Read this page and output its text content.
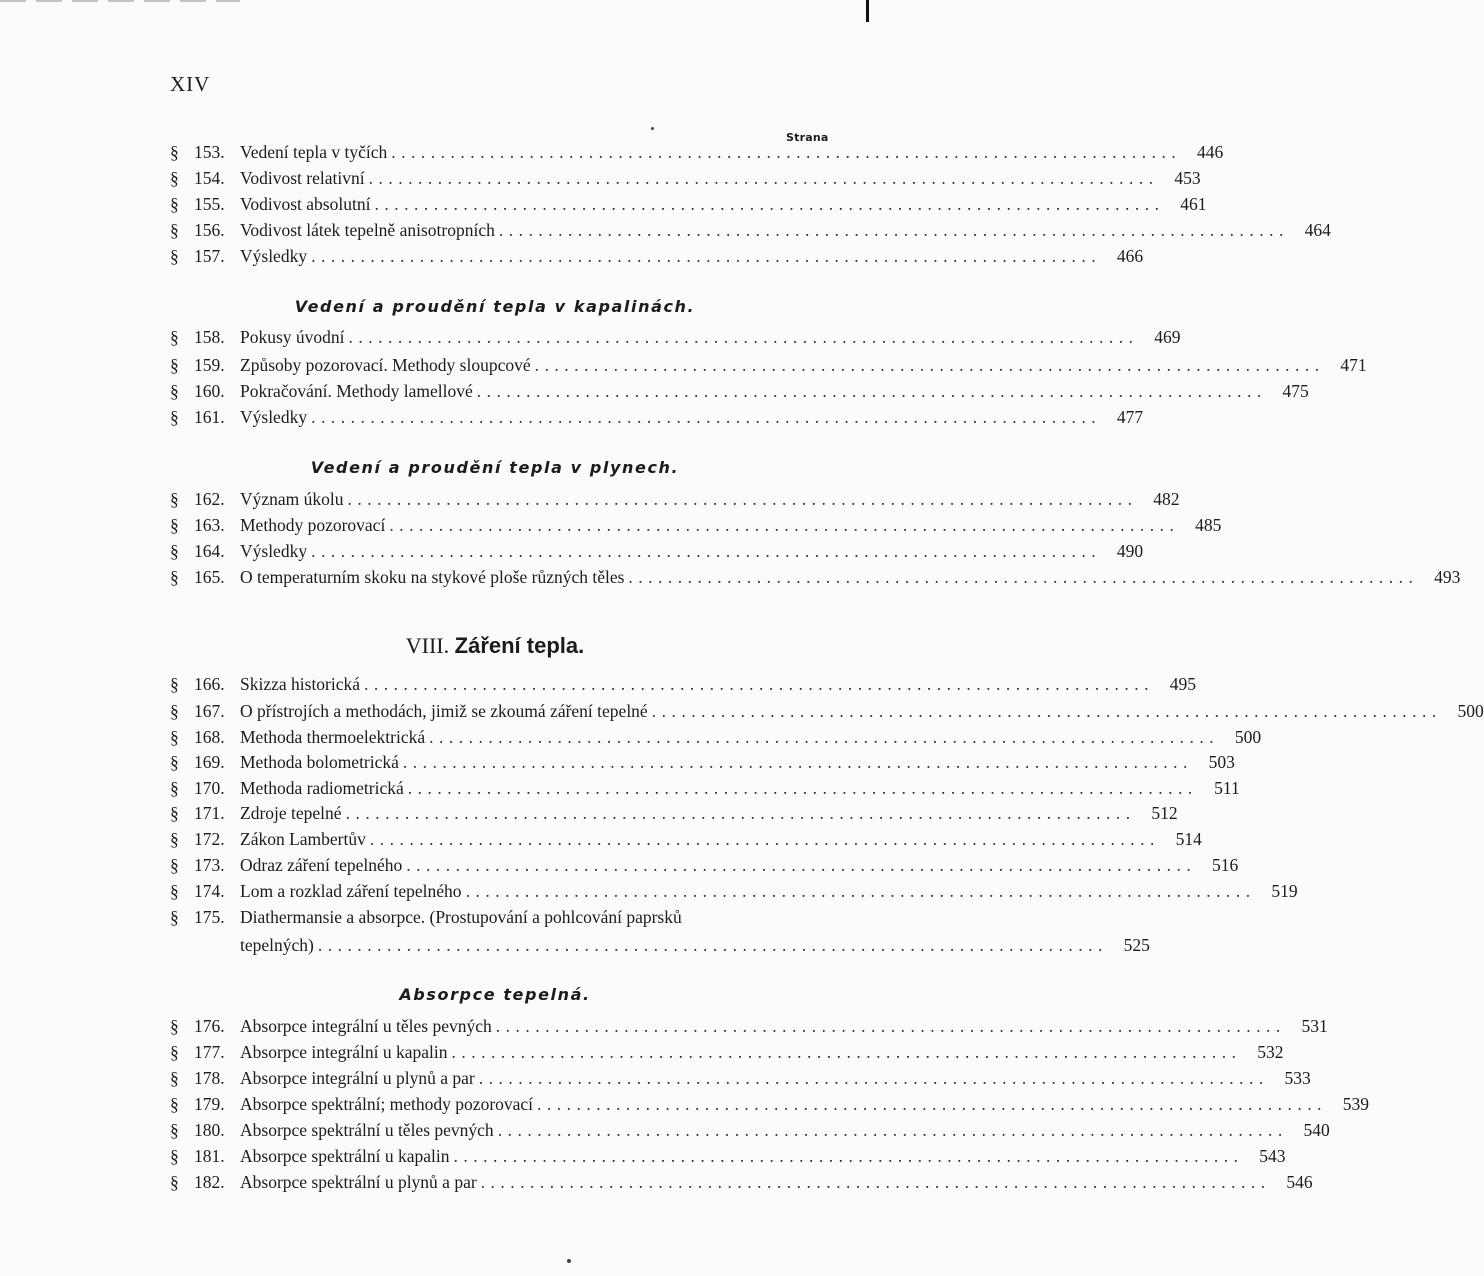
XIV
Strana
§ 153. Vedení tepla v tyčích ................................................................................ 446
§ 154. Vodivost relativní ................................................................................ 453
§ 155. Vodivost absolutní ................................................................................ 461
§ 156. Vodivost látek tepelně anisotropních ................................................................................ 464
§ 157. Výsledky ................................................................................ 466
Vedení a proudění tepla v kapalinách.
§ 158. Pokusy úvodní ................................................................................ 469
§ 159. Způsoby pozorovací. Methody sloupcové ................................................................................ 471
§ 160. Pokračování. Methody lamellové ................................................................................ 475
§ 161. Výsledky ................................................................................ 477
Vedení a proudění tepla v plynech.
§ 162. Význam úkolu ................................................................................ 482
§ 163. Methody pozorovací ................................................................................ 485
§ 164. Výsledky ................................................................................ 490
§ 165. O temperaturním skoku na stykové ploše různých těles ................................................................................ 493
VIII. Záření tepla.
§ 166. Skizza historická ................................................................................ 495
§ 167. O přístrojích a methodách, jimiž se zkoumá záření tepelné ................................................................................ 500
§ 168. Methoda thermoelektrická ................................................................................ 500
§ 169. Methoda bolometrická ................................................................................ 503
§ 170. Methoda radiometrická ................................................................................ 511
§ 171. Zdroje tepelné ................................................................................ 512
§ 172. Zákon Lambertův ................................................................................ 514
§ 173. Odraz záření tepelného ................................................................................ 516
§ 174. Lom a rozklad záření tepelného ................................................................................ 519
§ 175. Diathermansie a absorpce. (Prostupování a pohlcování paprsků
tepelných) ................................................................................ 525
Absorpce tepelná.
§ 176. Absorpce integrální u těles pevných ................................................................................ 531
§ 177. Absorpce integrální u kapalin ................................................................................ 532
§ 178. Absorpce integrální u plynů a par ................................................................................ 533
§ 179. Absorpce spektrální; methody pozorovací ................................................................................ 539
§ 180. Absorpce spektrální u těles pevných ................................................................................ 540
§ 181. Absorpce spektrální u kapalin ................................................................................ 543
§ 182. Absorpce spektrální u plynů a par ................................................................................ 546
